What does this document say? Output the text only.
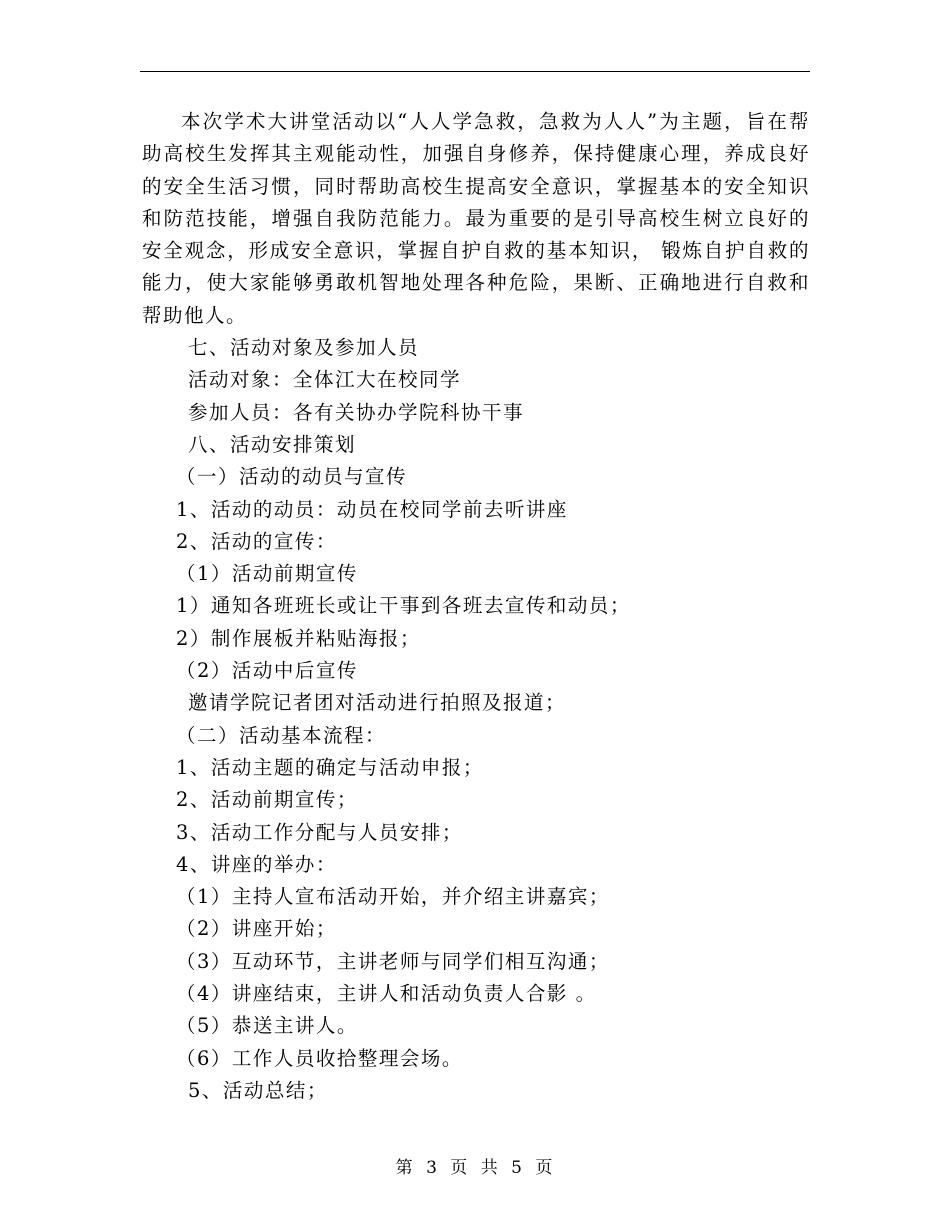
本次学术大讲堂活动以“人人学急救，急救为人人”为主题，旨在帮助高校生发挥其主观能动性，加强自身修养，保持健康心理，养成良好的安全生活习惯，同时帮助高校生提高安全意识，掌握基本的安全知识和防范技能，增强自我防范能力。最为重要的是引导高校生树立良好的安全观念，形成安全意识，掌握自护自救的基本知识， 锻炼自护自救的能力，使大家能够勇敢机智地处理各种危险，果断、正确地进行自救和帮助他人。

七、活动对象及参加人员

活动对象：全体江大在校同学

参加人员：各有关协办学院科协干事

八、活动安排策划

（一）活动的动员与宣传

1、活动的动员：动员在校同学前去听讲座

2、活动的宣传：

（1）活动前期宣传

1）通知各班班长或让干事到各班去宣传和动员；

2）制作展板并粘贴海报；

（2）活动中后宣传

邀请学院记者团对活动进行拍照及报道；

（二）活动基本流程：

1、活动主题的确定与活动申报；

2、活动前期宣传；

3、活动工作分配与人员安排；

4、讲座的举办：

（1）主持人宣布活动开始，并介绍主讲嘉宾；

（2）讲座开始；

（3）互动环节，主讲老师与同学们相互沟通；

（4）讲座结束，主讲人和活动负责人合影 。

（5）恭送主讲人。

（6）工作人员收拾整理会场。

5、活动总结；

第 3 页 共 5 页
